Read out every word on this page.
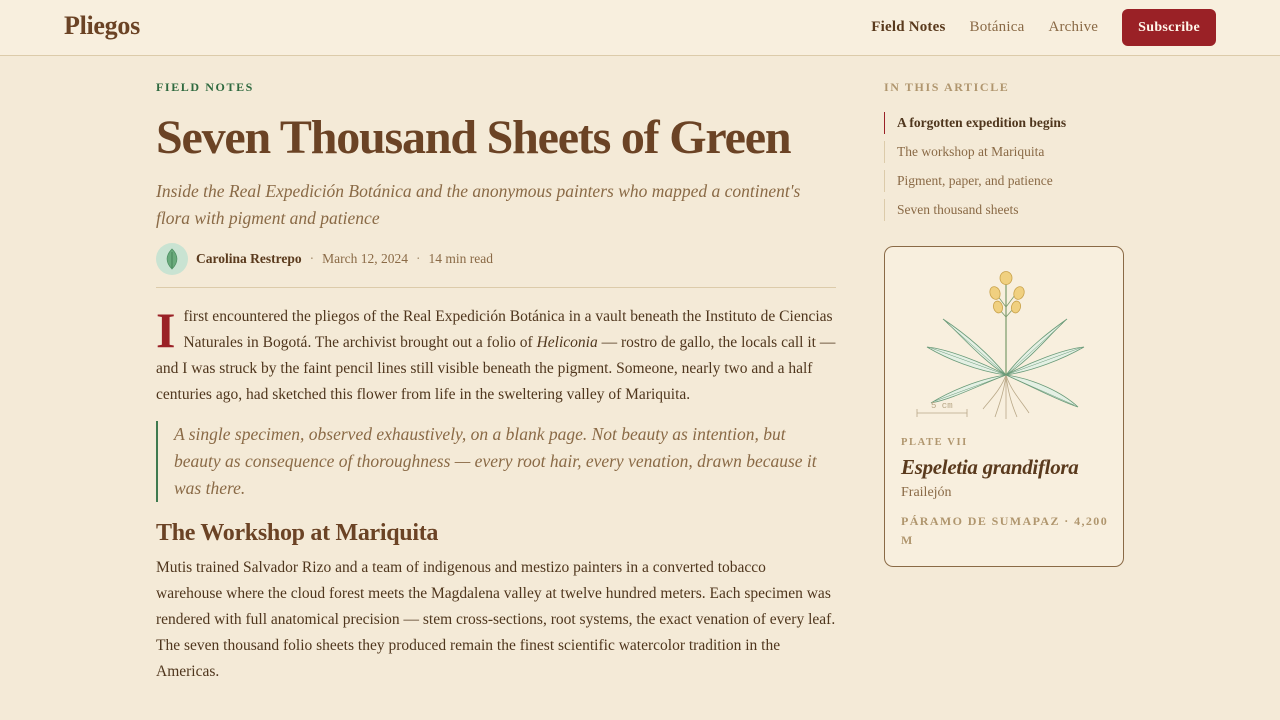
Pliegos	Field Notes Botánica Archive	Subscribe
FIELD NOTES
Seven Thousand Sheets of Green

Inside the Real Expedición Botánica and the anonymous painters who mapped a continent's flora with pigment and patience

Carolina Restrepo · March 12, 2024 · 14 min read

I first encountered the pliegos of the Real Expedición Botánica in a vault beneath the Instituto de Ciencias Naturales in Bogotá. The archivist brought out a folio of Heliconia — rostro de gallo, the locals call it — and I was struck by the faint pencil lines still visible beneath the pigment. Someone, nearly two and a half centuries ago, had sketched this flower from life in the sweltering valley of Mariquita.

A single specimen, observed exhaustively, on a blank page. Not beauty as intention, but beauty as consequence of thoroughness — every root hair, every venation, drawn because it was there.
The Workshop at Mariquita

Mutis trained Salvador Rizo and a team of indigenous and mestizo painters in a converted tobacco warehouse where the cloud forest meets the Magdalena valley at twelve hundred meters. Each specimen was rendered with full anatomical precision — stem cross-sections, root systems, the exact venation of every leaf. The seven thousand folio sheets they produced remain the finest scientific watercolor tradition in the Americas.

IN THIS ARTICLE
A forgotten expedition begins
The workshop at Mariquita
Pigment, paper, and patience
Seven thousand sheets
5 cm
PLATE VII
Espeletia grandiflora
Frailejón
PÁRAMO DE SUMAPAZ · 4,200 M
